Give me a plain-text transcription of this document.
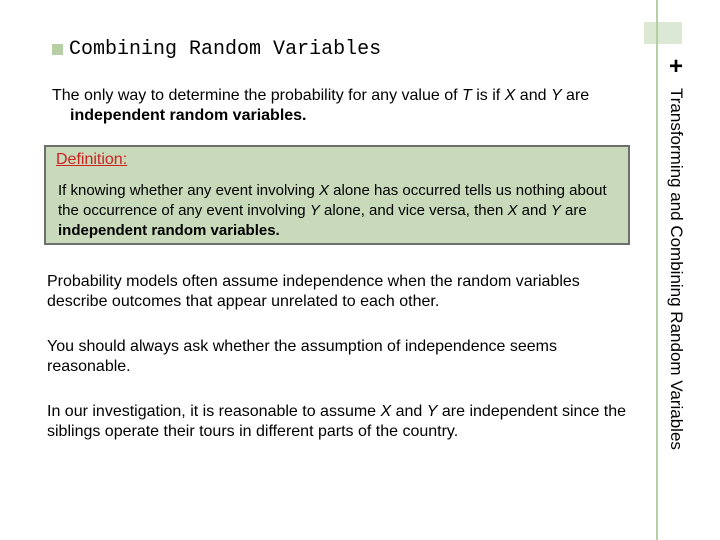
+
Transforming and Combining Random Variables
Combining
Random Variables

The only way to determine the probability for any value of T is if X and Y are independent random variables.

Definition:
If knowing whether any event involving X alone has occurred tells us nothing about the occurrence of any event involving Y alone, and vice versa, then X and Y are independent random variables.

Probability models often assume independence when the random variables describe outcomes that appear unrelated to each other.

You should always ask whether the assumption of independence seems reasonable.

In our investigation, it is reasonable to assume X and Y are independent since the siblings operate their tours in different parts of the country.
